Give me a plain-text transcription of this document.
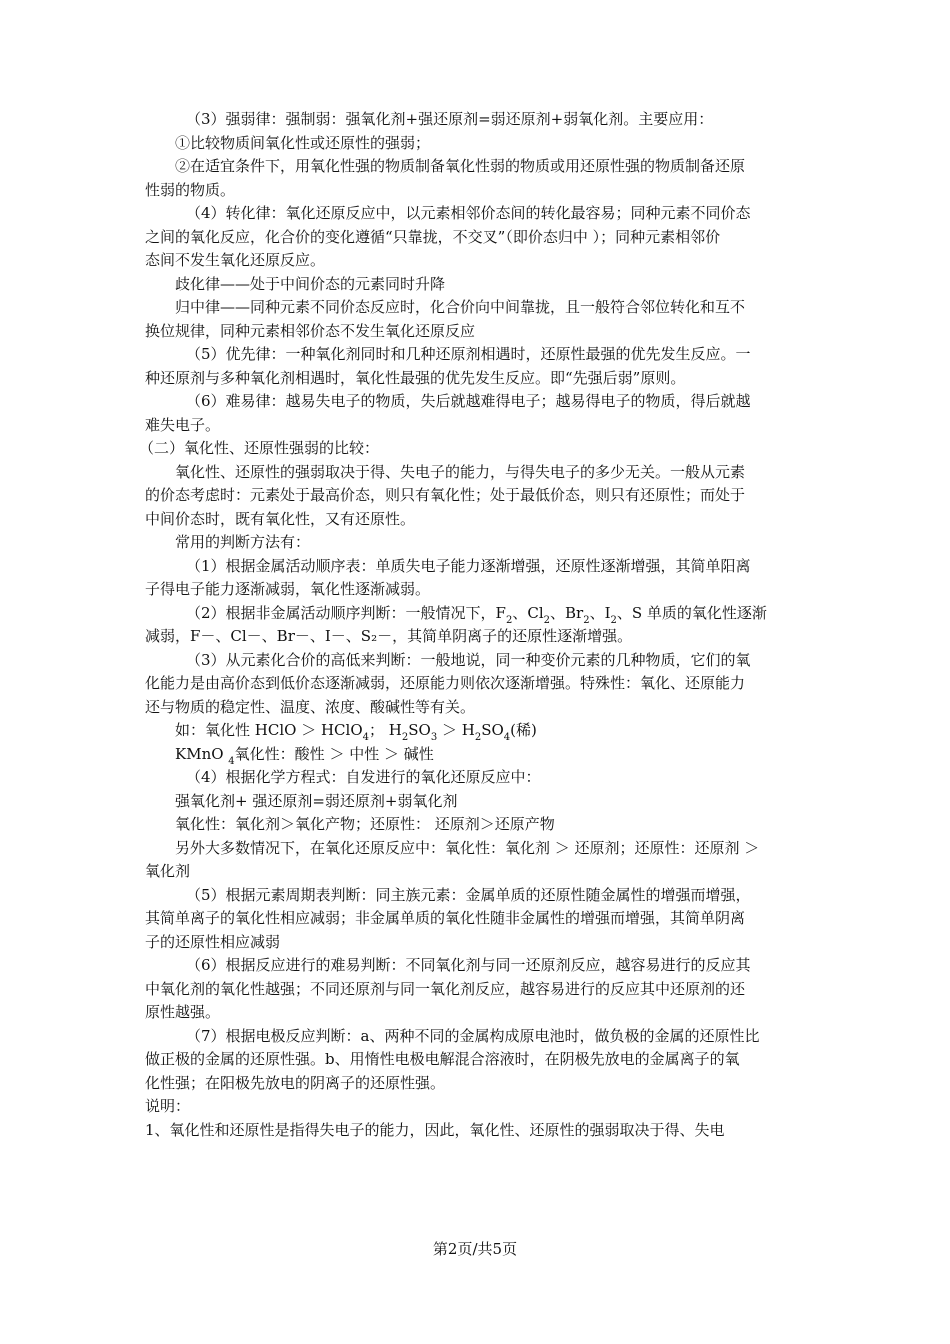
（3）强弱律：强制弱：强氧化剂+强还原剂=弱还原剂+弱氧化剂。主要应用：
①比较物质间氧化性或还原性的强弱；
②在适宜条件下，用氧化性强的物质制备氧化性弱的物质或用还原性强的物质制备还原
性弱的物质。
（4）转化律：氧化还原反应中，以元素相邻价态间的转化最容易；同种元素不同价态
之间的氧化反应，化合价的变化遵循“只靠拢，不交叉”（即价态归中 ）；同种元素相邻价
态间不发生氧化还原反应。
歧化律——处于中间价态的元素同时升降
归中律——同种元素不同价态反应时，化合价向中间靠拢，且一般符合邻位转化和互不
换位规律，同种元素相邻价态不发生氧化还原反应
（5）优先律：一种氧化剂同时和几种还原剂相遇时，还原性最强的优先发生反应。一
种还原剂与多种氧化剂相遇时，氧化性最强的优先发生反应。即“先强后弱”原则。
（6）难易律：越易失电子的物质，失后就越难得电子；越易得电子的物质，得后就越
难失电子。
（二）氧化性、还原性强弱的比较：
氧化性、还原性的强弱取决于得、失电子的能力，与得失电子的多少无关。一般从元素
的价态考虑时：元素处于最高价态，则只有氧化性；处于最低价态，则只有还原性；而处于
中间价态时，既有氧化性，又有还原性。
常用的判断方法有：
（1）根据金属活动顺序表：单质失电子能力逐渐增强，还原性逐渐增强，其简单阳离
子得电子能力逐渐减弱，氧化性逐渐减弱。
（2）根据非金属活动顺序判断：一般情况下，$F_2$、$Cl_2$、$Br_2$、$I_2$、S 单质的氧化性逐渐
减弱，F－、Cl－、Br－、I－、S₂－，其简单阴离子的还原性逐渐增强。
（3）从元素化合价的高低来判断：一般地说，同一种变价元素的几种物质，它们的氧
化能力是由高价态到低价态逐渐减弱，还原能力则依次逐渐增强。特殊性：氧化、还原能力
还与物质的稳定性、温度、浓度、酸碱性等有关。
如：氧化性 HClO ＞ HClO$_4$； $H_2SO_3 > H_2SO_4$(稀)
KMnO $_4$氧化性：酸性 ＞ 中性 ＞ 碱性
（4）根据化学方程式：自发进行的氧化还原反应中：
强氧化剂+ 强还原剂=弱还原剂+弱氧化剂
氧化性：氧化剂＞氧化产物；还原性： 还原剂＞还原产物
另外大多数情况下，在氧化还原反应中：氧化性：氧化剂 ＞ 还原剂；还原性：还原剂 ＞
氧化剂
（5）根据元素周期表判断：同主族元素：金属单质的还原性随金属性的增强而增强，
其简单离子的氧化性相应减弱；非金属单质的氧化性随非金属性的增强而增强，其简单阴离
子的还原性相应减弱
（6）根据反应进行的难易判断：不同氧化剂与同一还原剂反应，越容易进行的反应其
中氧化剂的氧化性越强；不同还原剂与同一氧化剂反应，越容易进行的反应其中还原剂的还
原性越强。
（7）根据电极反应判断：a、两种不同的金属构成原电池时，做负极的金属的还原性比
做正极的金属的还原性强。b、用惰性电极电解混合溶液时，在阴极先放电的金属离子的氧
化性强；在阳极先放电的阴离子的还原性强。
说明：
1、氧化性和还原性是指得失电子的能力，因此，氧化性、还原性的强弱取决于得、失电
第2页/共5页
